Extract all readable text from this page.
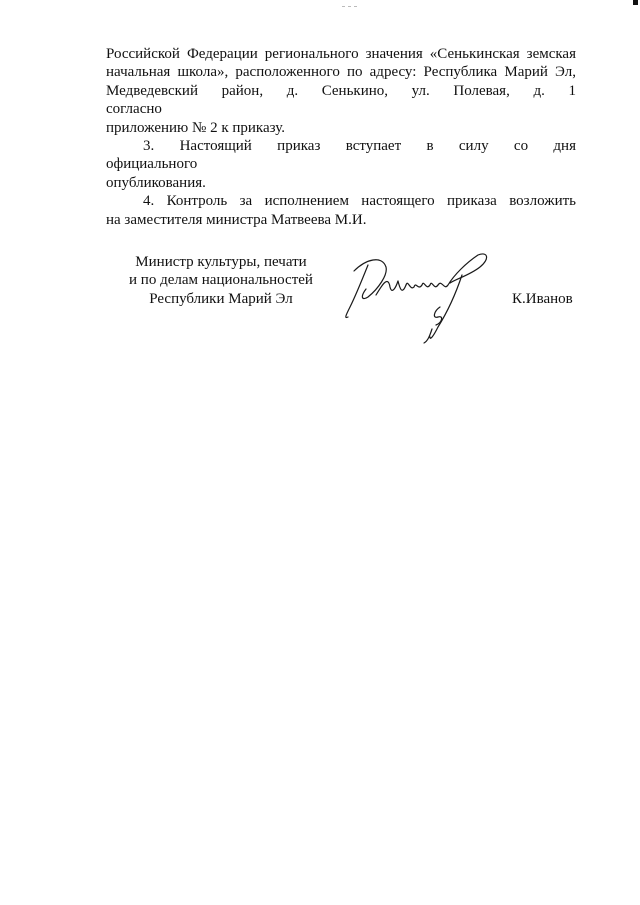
Российской Федерации регионального значения «Сенькинская земская

начальная школа», расположенного по адресу: Республика Марий Эл,

Медведевский район, д. Сенькино, ул. Полевая, д. 1 согласно

приложению № 2 к приказу.

3. Настоящий приказ вступает в силу со дня официального

опубликования.

4. Контроль за исполнением настоящего приказа возложить

на заместителя министра Матвеева М.И.

Министр культуры, печати
и по делам национальностей
Республики Марий Эл	К.Иванов
